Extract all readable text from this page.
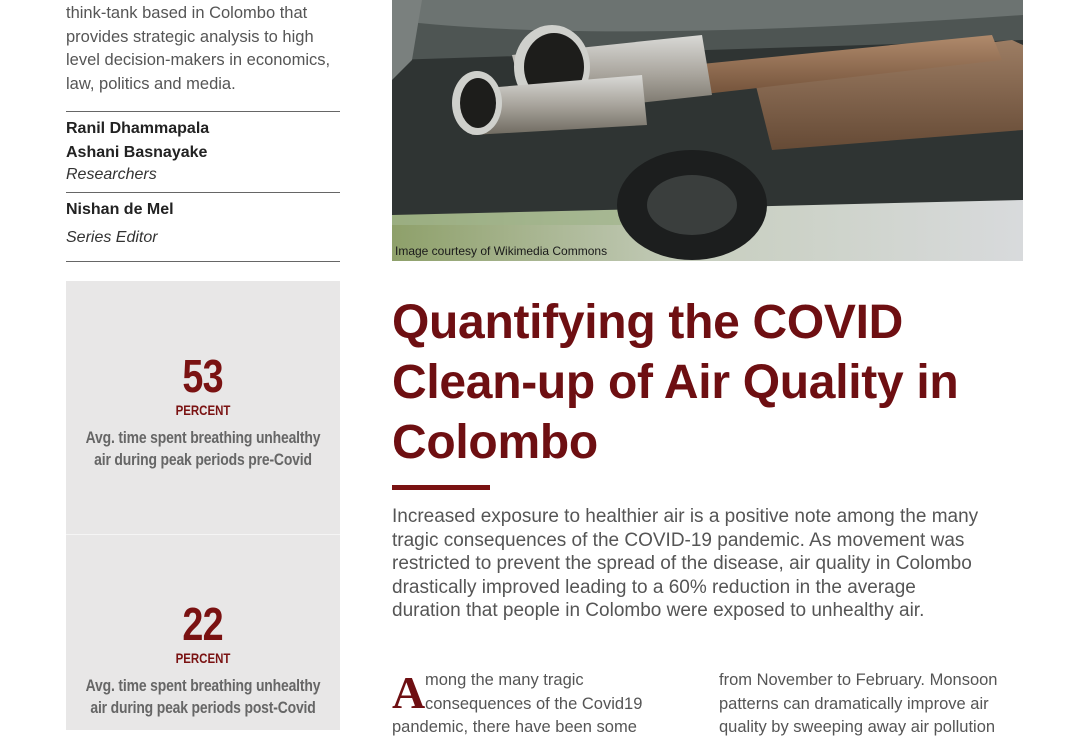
think-tank based in Colombo that
provides strategic analysis to high
level decision-makers in economics,
law, politics and media.
Ranil Dhammapala
Ashani Basnayake
Researchers
Nishan de Mel
Series Editor
53
PERCENT
Avg. time spent breathing unhealthy
air during peak periods pre-Covid
22
PERCENT
Avg. time spent breathing unhealthy
air during peak periods post-Covid
Image courtesy of Wikimedia Commons
Quantifying the COVID
Clean-up of Air Quality in
Colombo
Increased exposure to healthier air is a positive note among the many
tragic consequences of the COVID-19 pandemic. As movement was
restricted to prevent the spread of the disease, air quality in Colombo
drastically improved leading to a 60% reduction in the average
duration that people in Colombo were exposed to unhealthy air.
A mong the many tragic
consequences of the Covid19
pandemic, there have been some
from November to February. Monsoon
patterns can dramatically improve air
quality by sweeping away air pollution
